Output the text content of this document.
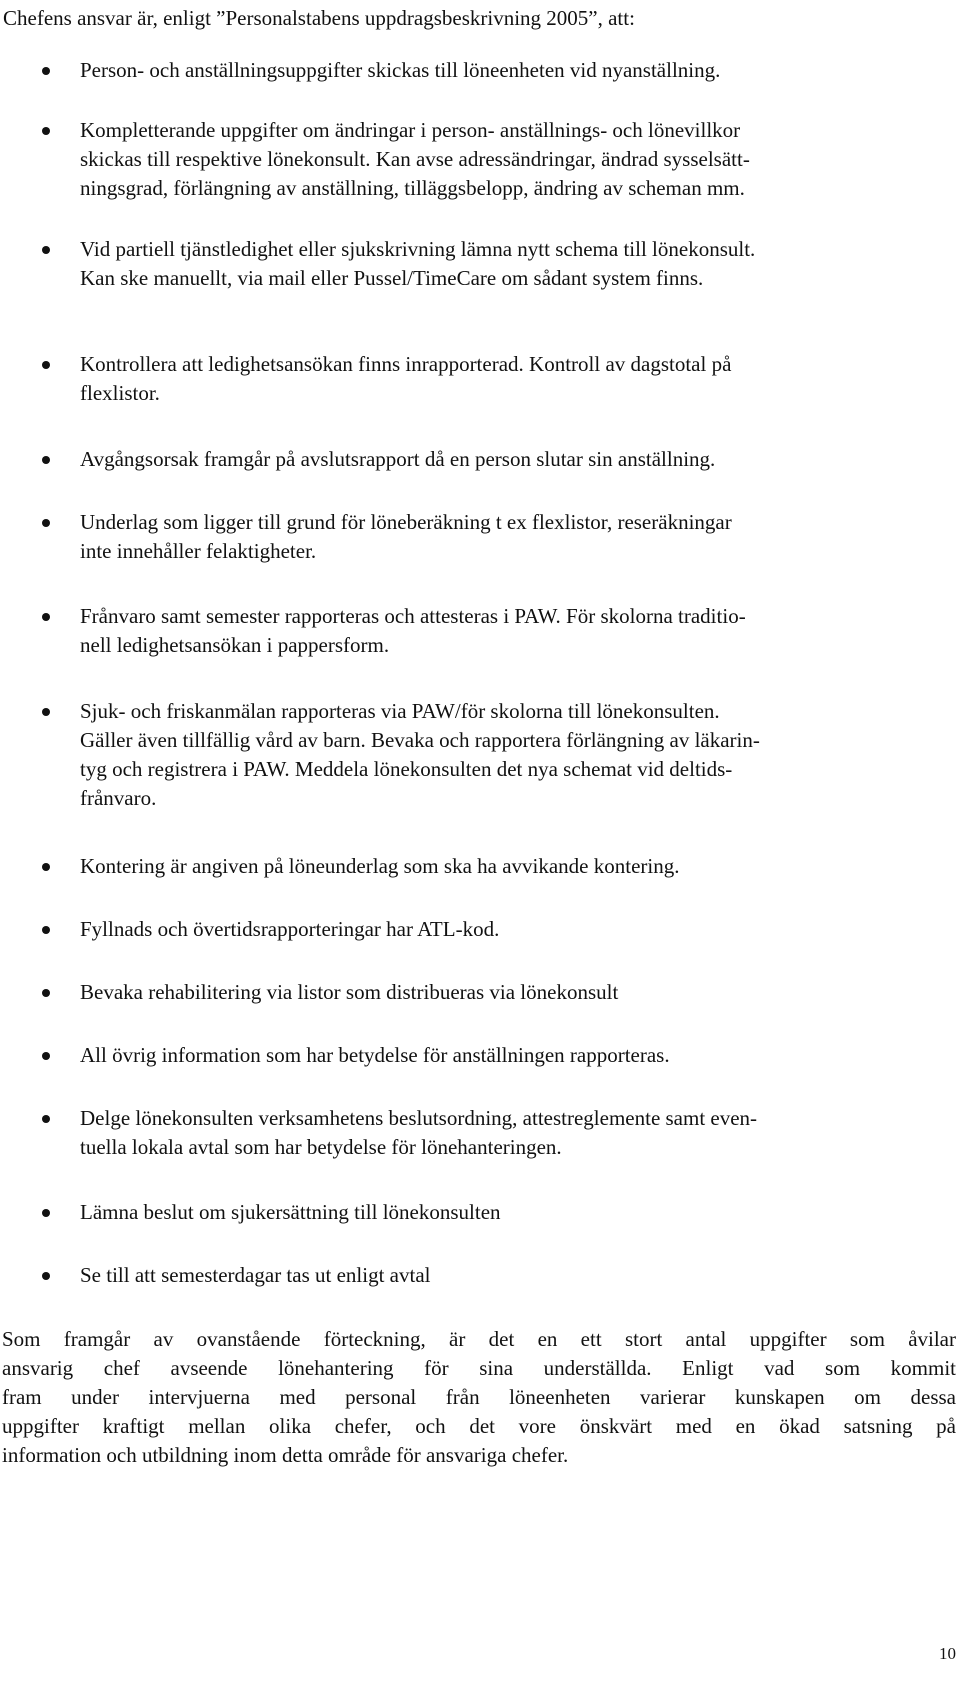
Chefens ansvar är, enligt ”Personalstabens uppdragsbeskrivning 2005”, att:
Person- och anställningsuppgifter skickas till löneenheten vid nyanställning.
Kompletterande uppgifter om ändringar i person- anställnings- och lönevillkor
skickas till respektive lönekonsult. Kan avse adressändringar, ändrad sysselsätt-
ningsgrad, förlängning av anställning, tilläggsbelopp, ändring av scheman mm.
Vid partiell tjänstledighet eller sjukskrivning lämna nytt schema till lönekonsult.
Kan ske manuellt, via mail eller Pussel/TimeCare om sådant system finns.
Kontrollera att ledighetsansökan finns inrapporterad. Kontroll av dagstotal på
flexlistor.
Avgångsorsak framgår på avslutsrapport då en person slutar sin anställning.
Underlag som ligger till grund för löneberäkning t ex flexlistor, reseräkningar
inte innehåller felaktigheter.
Frånvaro samt semester rapporteras och attesteras i PAW. För skolorna traditio-
nell ledighetsansökan i pappersform.
Sjuk- och friskanmälan rapporteras via PAW/för skolorna till lönekonsulten.
Gäller även tillfällig vård av barn. Bevaka och rapportera förlängning av läkarin-
tyg och registrera i PAW. Meddela lönekonsulten det nya schemat vid deltids-
frånvaro.
Kontering är angiven på löneunderlag som ska ha avvikande kontering.
Fyllnads och övertidsrapporteringar har ATL-kod.
Bevaka rehabilitering via listor som distribueras via lönekonsult
All övrig information som har betydelse för anställningen rapporteras.
Delge lönekonsulten verksamhetens beslutsordning, attestreglemente samt even-
tuella lokala avtal som har betydelse för lönehanteringen.
Lämna beslut om sjukersättning till lönekonsulten
Se till att semesterdagar tas ut enligt avtal
Som framgår av ovanstående förteckning, är det en ett stort antal uppgifter som åvilar
ansvarig chef avseende lönehantering för sina underställda. Enligt vad som kommit
fram under intervjuerna med personal från löneenheten varierar kunskapen om dessa
uppgifter kraftigt mellan olika chefer, och det vore önskvärt med en ökad satsning på
information och utbildning inom detta område för ansvariga chefer.
10
